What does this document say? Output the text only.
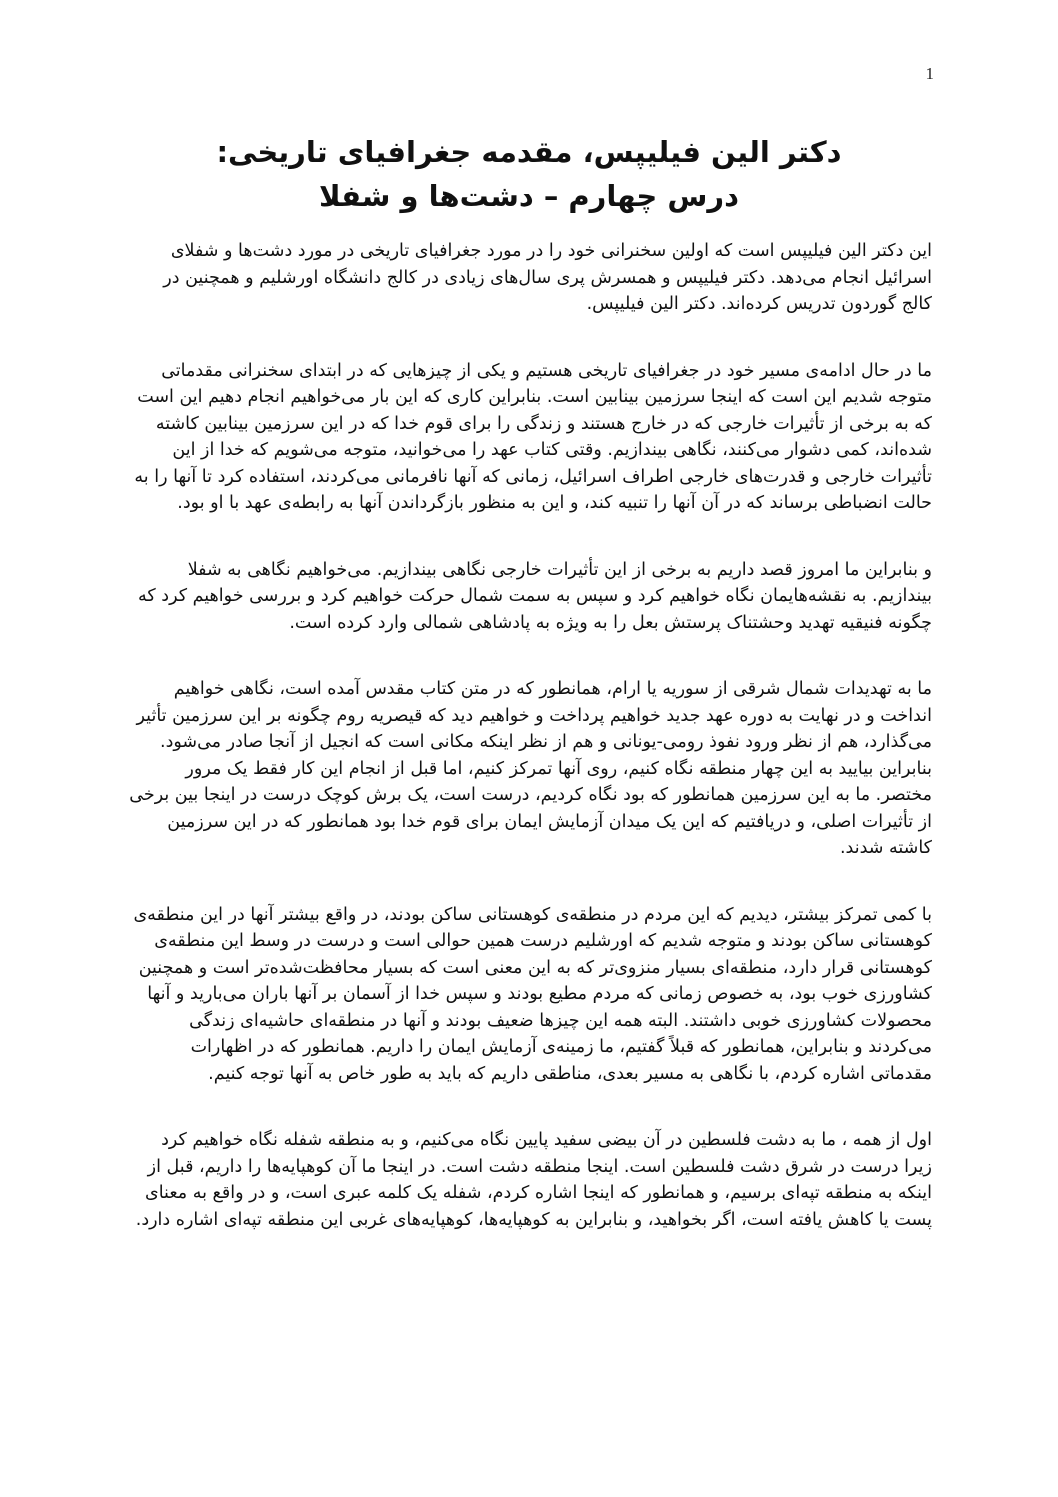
1

دکتر الین فیلیپس، مقدمه جغرافیای تاریخی:

درس چهارم – دشت‌ها و شفلا

این دکتر الین فیلیپس است که اولین سخنرانی خود را در مورد جغرافیای تاریخی در مورد دشت‌ها و شفلای اسرائیل انجام می‌دهد. دکتر فیلیپس و همسرش پری سال‌های زیادی در کالج دانشگاه اورشلیم و همچنین در کالج گوردون تدریس کرده‌اند. دکتر الین فیلیپس.

ما در حال ادامه‌ی مسیر خود در جغرافیای تاریخی هستیم و یکی از چیزهایی که در ابتدای سخنرانی مقدماتی متوجه شدیم این است که اینجا سرزمین بینابین است. بنابراین کاری که این بار می‌خواهیم انجام دهیم این است که به برخی از تأثیرات خارجی که در خارج هستند و زندگی را برای قوم خدا که در این سرزمین بینابین کاشته شده‌اند، کمی دشوار می‌کنند، نگاهی بیندازیم. وقتی کتاب عهد را می‌خوانید، متوجه می‌شویم که خدا از این تأثیرات خارجی و قدرت‌های خارجی اطراف اسرائیل، زمانی که آنها نافرمانی می‌کردند، استفاده کرد تا آنها را به حالت انضباطی برساند که در آن آنها را تنبیه کند، و این به منظور بازگرداندن آنها به رابطه‌ی عهد با او بود.

و بنابراین ما امروز قصد داریم به برخی از این تأثیرات خارجی نگاهی بیندازیم. می‌خواهیم نگاهی به شفلا بیندازیم. به نقشه‌هایمان نگاه خواهیم کرد و سپس به سمت شمال حرکت خواهیم کرد و بررسی خواهیم کرد که چگونه فنیقیه تهدید وحشتناک پرستش بعل را به ویژه به پادشاهی شمالی وارد کرده است.

ما به تهدیدات شمال شرقی از سوریه یا ارام، همانطور که در متن کتاب مقدس آمده است، نگاهی خواهیم انداخت و در نهایت به دوره عهد جدید خواهیم پرداخت و خواهیم دید که قیصریه روم چگونه بر این سرزمین تأثیر می‌گذارد، هم از نظر ورود نفوذ رومی-یونانی و هم از نظر اینکه مکانی است که انجیل از آنجا صادر می‌شود. بنابراین بیایید به این چهار منطقه نگاه کنیم، روی آنها تمرکز کنیم، اما قبل از انجام این کار فقط یک مرور مختصر. ما به این سرزمین همانطور که بود نگاه کردیم، درست است، یک برش کوچک درست در اینجا بین برخی از تأثیرات اصلی، و دریافتیم که این یک میدان آزمایش ایمان برای قوم خدا بود همانطور که در این سرزمین کاشته شدند.

با کمی تمرکز بیشتر، دیدیم که این مردم در منطقه‌ی کوهستانی ساکن بودند، در واقع بیشتر آنها در این منطقه‌ی کوهستانی ساکن بودند و متوجه شدیم که اورشلیم درست همین حوالی است و درست در وسط این منطقه‌ی کوهستانی قرار دارد، منطقه‌ای بسیار منزوی‌تر که به این معنی است که بسیار محافظت‌شده‌تر است و همچنین کشاورزی خوب بود، به خصوص زمانی که مردم مطیع بودند و سپس خدا از آسمان بر آنها باران می‌بارید و آنها محصولات کشاورزی خوبی داشتند. البته همه این چیزها ضعیف بودند و آنها در منطقه‌ای حاشیه‌ای زندگی می‌کردند و بنابراین، همانطور که قبلاً گفتیم، ما زمینه‌ی آزمایش ایمان را داریم. همانطور که در اظهارات مقدماتی اشاره کردم، با نگاهی به مسیر بعدی، مناطقی داریم که باید به طور خاص به آنها توجه کنیم.

اول از همه ، ما به دشت فلسطین در آن بیضی سفید پایین نگاه می‌کنیم، و به منطقه شفله نگاه خواهیم کرد زیرا درست در شرق دشت فلسطین است. اینجا منطقه دشت است. در اینجا ما آن کوهپایه‌ها را داریم، قبل از اینکه به منطقه تپه‌ای برسیم، و همانطور که اینجا اشاره کردم، شفله یک کلمه عبری است، و در واقع به معنای پست یا کاهش یافته است، اگر بخواهید، و بنابراین به کوهپایه‌ها، کوهپایه‌های غربی این منطقه تپه‌ای اشاره دارد.
